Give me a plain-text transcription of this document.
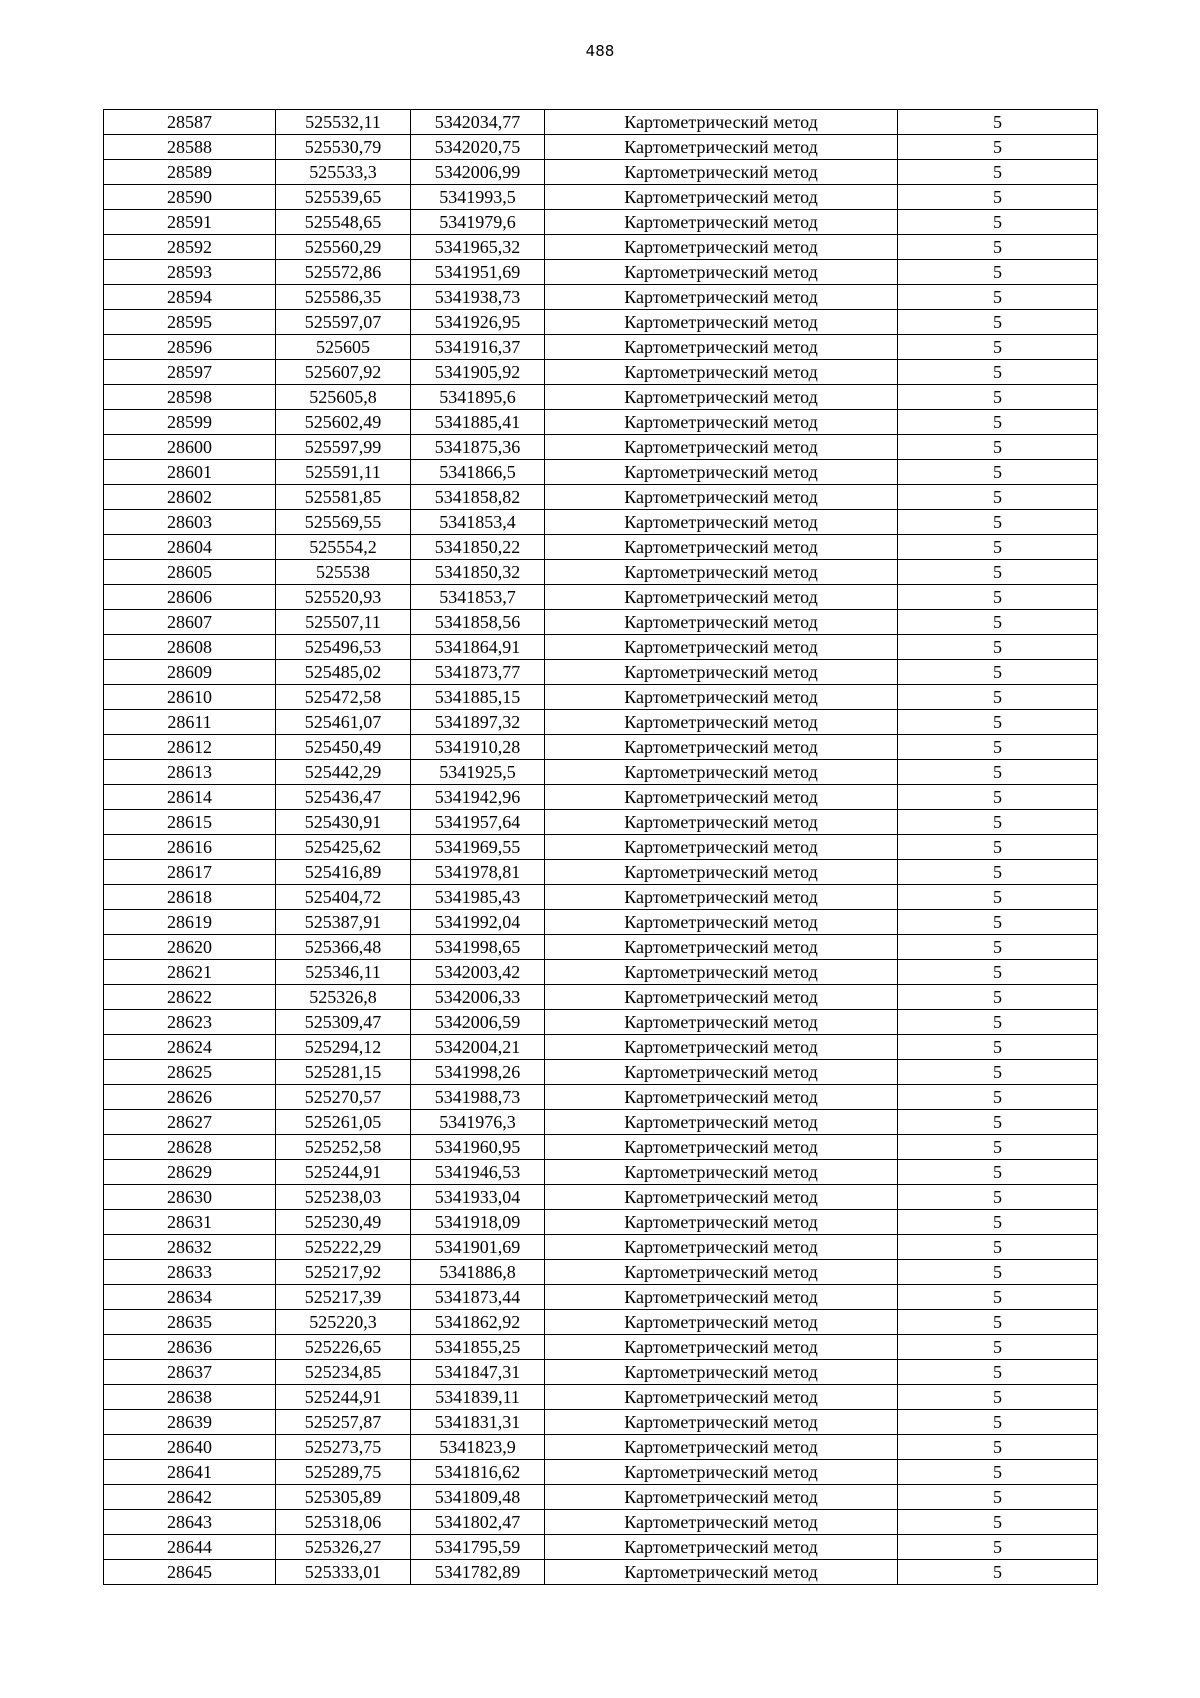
488
28587	525532,11	5342034,77	Картометрический метод	5
28588	525530,79	5342020,75	Картометрический метод	5
28589	525533,3	5342006,99	Картометрический метод	5
28590	525539,65	5341993,5	Картометрический метод	5
28591	525548,65	5341979,6	Картометрический метод	5
28592	525560,29	5341965,32	Картометрический метод	5
28593	525572,86	5341951,69	Картометрический метод	5
28594	525586,35	5341938,73	Картометрический метод	5
28595	525597,07	5341926,95	Картометрический метод	5
28596	525605	5341916,37	Картометрический метод	5
28597	525607,92	5341905,92	Картометрический метод	5
28598	525605,8	5341895,6	Картометрический метод	5
28599	525602,49	5341885,41	Картометрический метод	5
28600	525597,99	5341875,36	Картометрический метод	5
28601	525591,11	5341866,5	Картометрический метод	5
28602	525581,85	5341858,82	Картометрический метод	5
28603	525569,55	5341853,4	Картометрический метод	5
28604	525554,2	5341850,22	Картометрический метод	5
28605	525538	5341850,32	Картометрический метод	5
28606	525520,93	5341853,7	Картометрический метод	5
28607	525507,11	5341858,56	Картометрический метод	5
28608	525496,53	5341864,91	Картометрический метод	5
28609	525485,02	5341873,77	Картометрический метод	5
28610	525472,58	5341885,15	Картометрический метод	5
28611	525461,07	5341897,32	Картометрический метод	5
28612	525450,49	5341910,28	Картометрический метод	5
28613	525442,29	5341925,5	Картометрический метод	5
28614	525436,47	5341942,96	Картометрический метод	5
28615	525430,91	5341957,64	Картометрический метод	5
28616	525425,62	5341969,55	Картометрический метод	5
28617	525416,89	5341978,81	Картометрический метод	5
28618	525404,72	5341985,43	Картометрический метод	5
28619	525387,91	5341992,04	Картометрический метод	5
28620	525366,48	5341998,65	Картометрический метод	5
28621	525346,11	5342003,42	Картометрический метод	5
28622	525326,8	5342006,33	Картометрический метод	5
28623	525309,47	5342006,59	Картометрический метод	5
28624	525294,12	5342004,21	Картометрический метод	5
28625	525281,15	5341998,26	Картометрический метод	5
28626	525270,57	5341988,73	Картометрический метод	5
28627	525261,05	5341976,3	Картометрический метод	5
28628	525252,58	5341960,95	Картометрический метод	5
28629	525244,91	5341946,53	Картометрический метод	5
28630	525238,03	5341933,04	Картометрический метод	5
28631	525230,49	5341918,09	Картометрический метод	5
28632	525222,29	5341901,69	Картометрический метод	5
28633	525217,92	5341886,8	Картометрический метод	5
28634	525217,39	5341873,44	Картометрический метод	5
28635	525220,3	5341862,92	Картометрический метод	5
28636	525226,65	5341855,25	Картометрический метод	5
28637	525234,85	5341847,31	Картометрический метод	5
28638	525244,91	5341839,11	Картометрический метод	5
28639	525257,87	5341831,31	Картометрический метод	5
28640	525273,75	5341823,9	Картометрический метод	5
28641	525289,75	5341816,62	Картометрический метод	5
28642	525305,89	5341809,48	Картометрический метод	5
28643	525318,06	5341802,47	Картометрический метод	5
28644	525326,27	5341795,59	Картометрический метод	5
28645	525333,01	5341782,89	Картометрический метод	5
